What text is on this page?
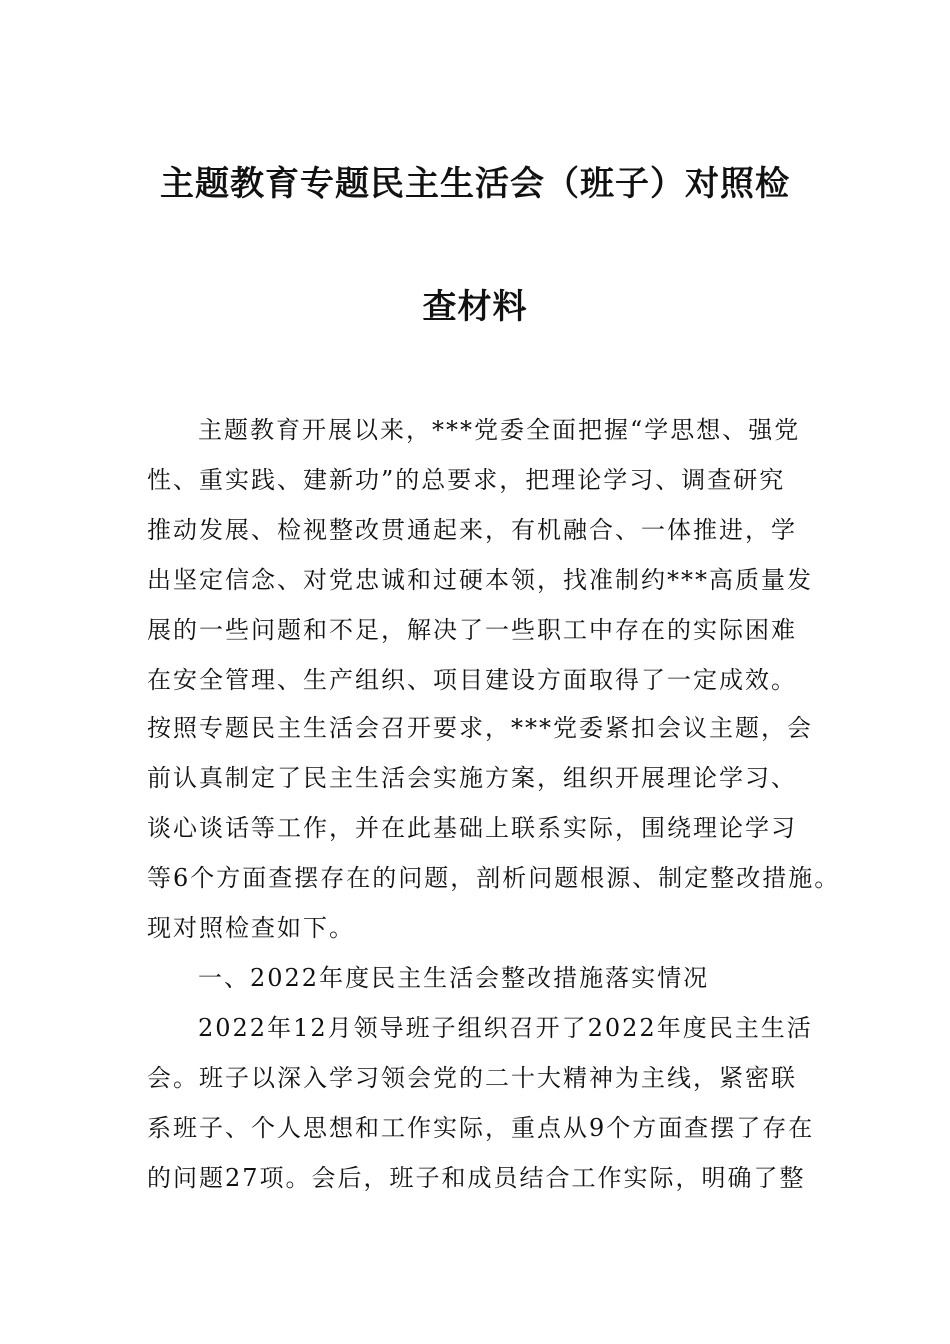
主题教育专题民主生活会（班子）对照检
查材料
主题教育开展以来，***党委全面把握“学思想、强党
性、重实践、建新功”的总要求，把理论学习、调查研究
推动发展、检视整改贯通起来，有机融合、一体推进，学
出坚定信念、对党忠诚和过硬本领，找准制约***高质量发
展的一些问题和不足，解决了一些职工中存在的实际困难
在安全管理、生产组织、项目建设方面取得了一定成效。
按照专题民主生活会召开要求，***党委紧扣会议主题，会
前认真制定了民主生活会实施方案，组织开展理论学习、
谈心谈话等工作，并在此基础上联系实际，围绕理论学习
等6个方面查摆存在的问题，剖析问题根源、制定整改措施。
现对照检查如下。
一、2022年度民主生活会整改措施落实情况
2022年12月领导班子组织召开了2022年度民主生活
会。班子以深入学习领会党的二十大精神为主线，紧密联
系班子、个人思想和工作实际，重点从9个方面查摆了存在
的问题27项。会后，班子和成员结合工作实际，明确了整
